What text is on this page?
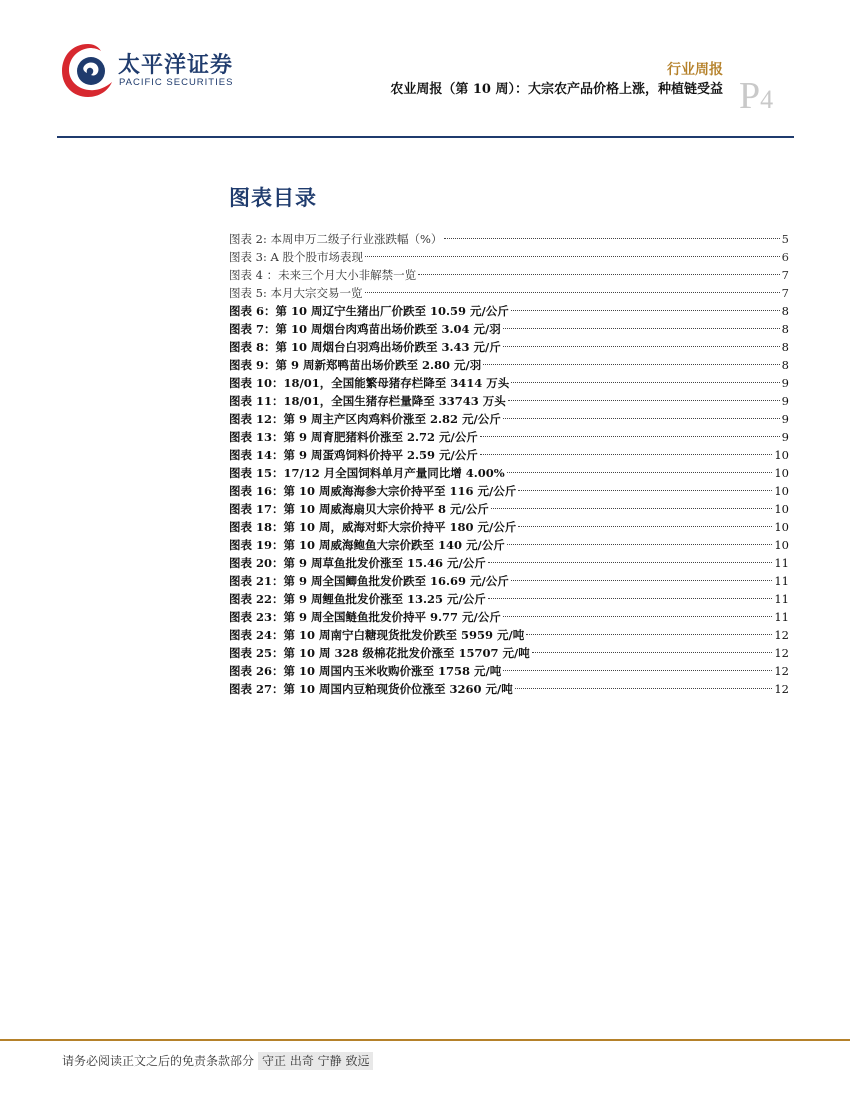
太平洋证券
PACIFIC SECURITIES
行业周报
农业周报（第 10 周）：大宗农产品价格上涨，种植链受益 P4
图表目录
图表 2: 本周申万二级子行业涨跌幅（%）	5
图表 3: A 股个股市场表现	6
图表 4 ：未来三个月大小非解禁一览	7
图表 5: 本月大宗交易一览	7
图表 6：第 10 周辽宁生猪出厂价跌至 10.59 元/公斤	8
图表 7：第 10 周烟台肉鸡苗出场价跌至 3.04 元/羽	8
图表 8：第 10 周烟台白羽鸡出场价跌至 3.43 元/斤	8
图表 9：第 9 周新郑鸭苗出场价跌至 2.80 元/羽	8
图表 10：18/01，全国能繁母猪存栏降至 3414 万头	9
图表 11：18/01，全国生猪存栏量降至 33743 万头	9
图表 12：第 9 周主产区肉鸡料价涨至 2.82 元/公斤	9
图表 13：第 9 周育肥猪料价涨至 2.72 元/公斤	9
图表 14：第 9 周蛋鸡饲料价持平 2.59 元/公斤	10
图表 15：17/12 月全国饲料单月产量同比增 4.00%	10
图表 16：第 10 周威海海参大宗价持平至 116 元/公斤	10
图表 17：第 10 周威海扇贝大宗价持平 8 元/公斤	10
图表 18：第 10 周，威海对虾大宗价持平 180 元/公斤	10
图表 19：第 10 周威海鲍鱼大宗价跌至 140 元/公斤	10
图表 20：第 9 周草鱼批发价涨至 15.46 元/公斤	11
图表 21：第 9 周全国鲫鱼批发价跌至 16.69 元/公斤	11
图表 22：第 9 周鲤鱼批发价涨至 13.25 元/公斤	11
图表 23：第 9 周全国鲢鱼批发价持平 9.77 元/公斤	11
图表 24：第 10 周南宁白糖现货批发价跌至 5959 元/吨	12
图表 25：第 10 周 328 级棉花批发价涨至 15707 元/吨	12
图表 26：第 10 周国内玉米收购价涨至 1758 元/吨	12
图表 27：第 10 周国内豆粕现货价位涨至 3260 元/吨	12
请务必阅读正文之后的免责条款部分 守正 出奇 宁静 致远
